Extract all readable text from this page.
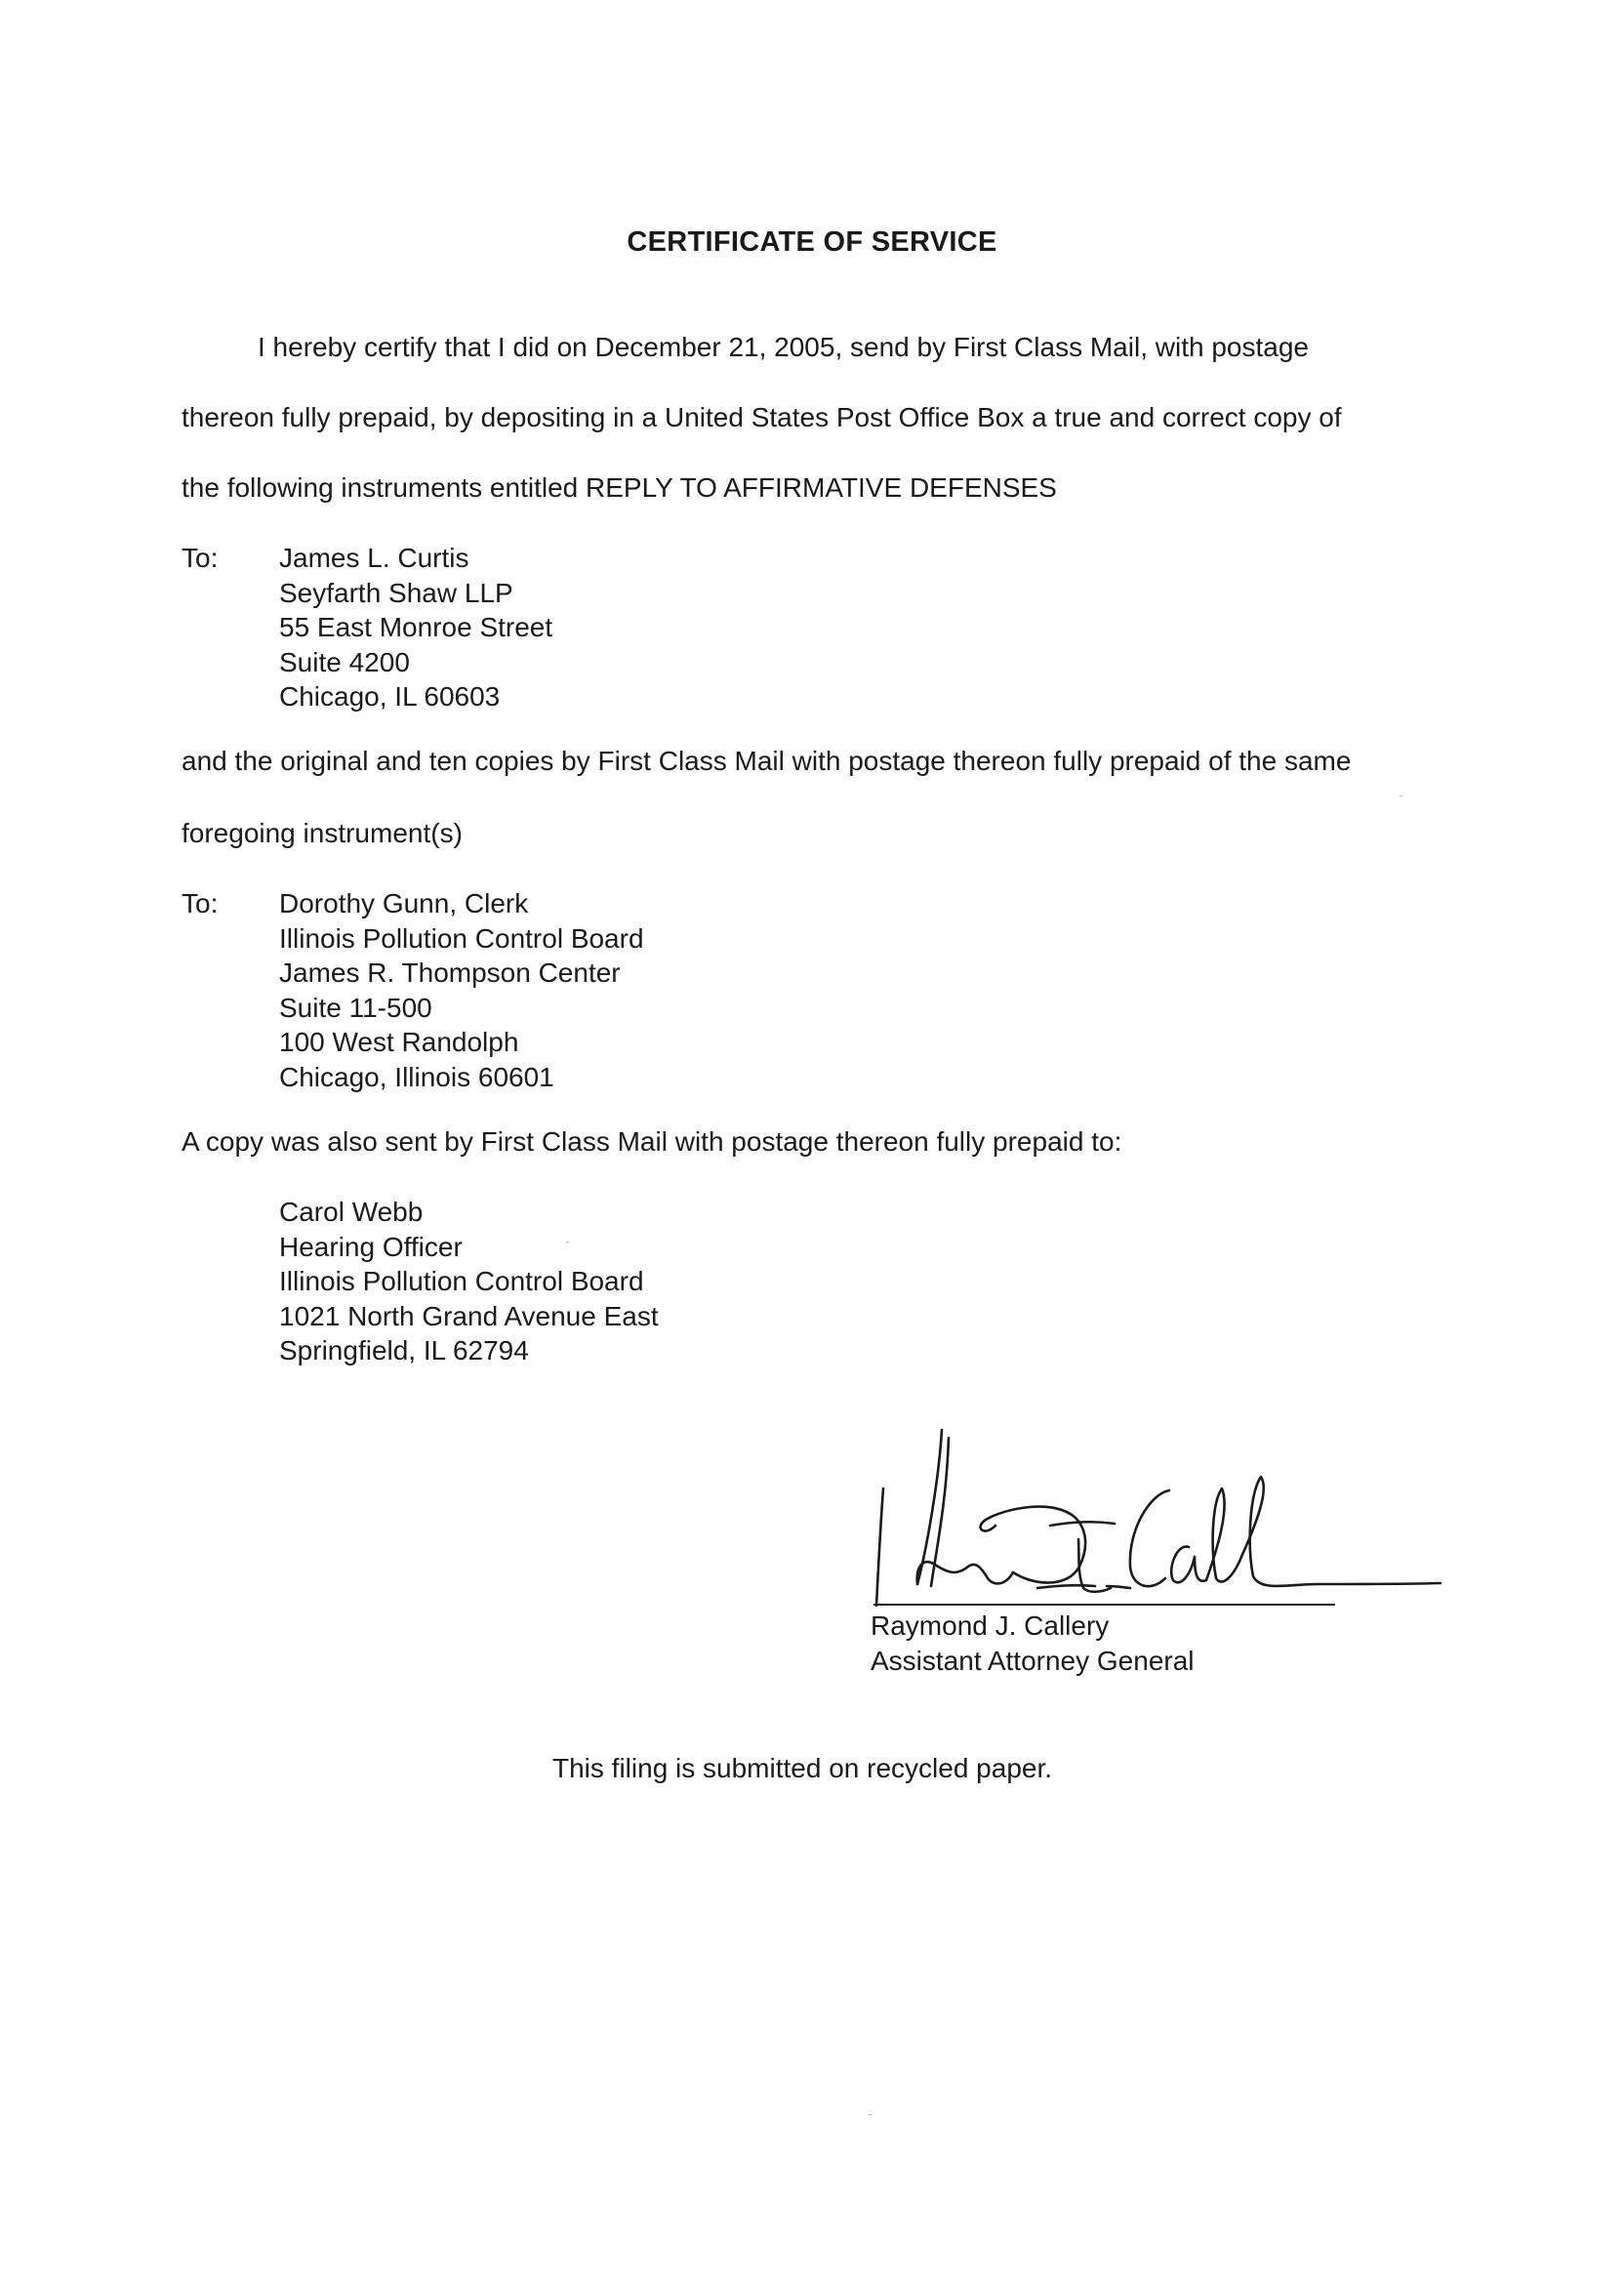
CERTIFICATE OF SERVICE
I hereby certify that I did on December 21, 2005, send by First Class Mail, with postage
thereon fully prepaid, by depositing in a United States Post Office Box a true and correct copy of
the following instruments entitled REPLY TO AFFIRMATIVE DEFENSES
To: James L. Curtis
Seyfarth Shaw LLP
55 East Monroe Street
Suite 4200
Chicago, IL 60603
and the original and ten copies by First Class Mail with postage thereon fully prepaid of the same
foregoing instrument(s)
To: Dorothy Gunn, Clerk
Illinois Pollution Control Board
James R. Thompson Center
Suite 11-500
100 West Randolph
Chicago, Illinois 60601
A copy was also sent by First Class Mail with postage thereon fully prepaid to:
Carol Webb
Hearing Officer
Illinois Pollution Control Board
1021 North Grand Avenue East
Springfield, IL 62794
Raymond J. Callery
Assistant Attorney General
This filing is submitted on recycled paper.
